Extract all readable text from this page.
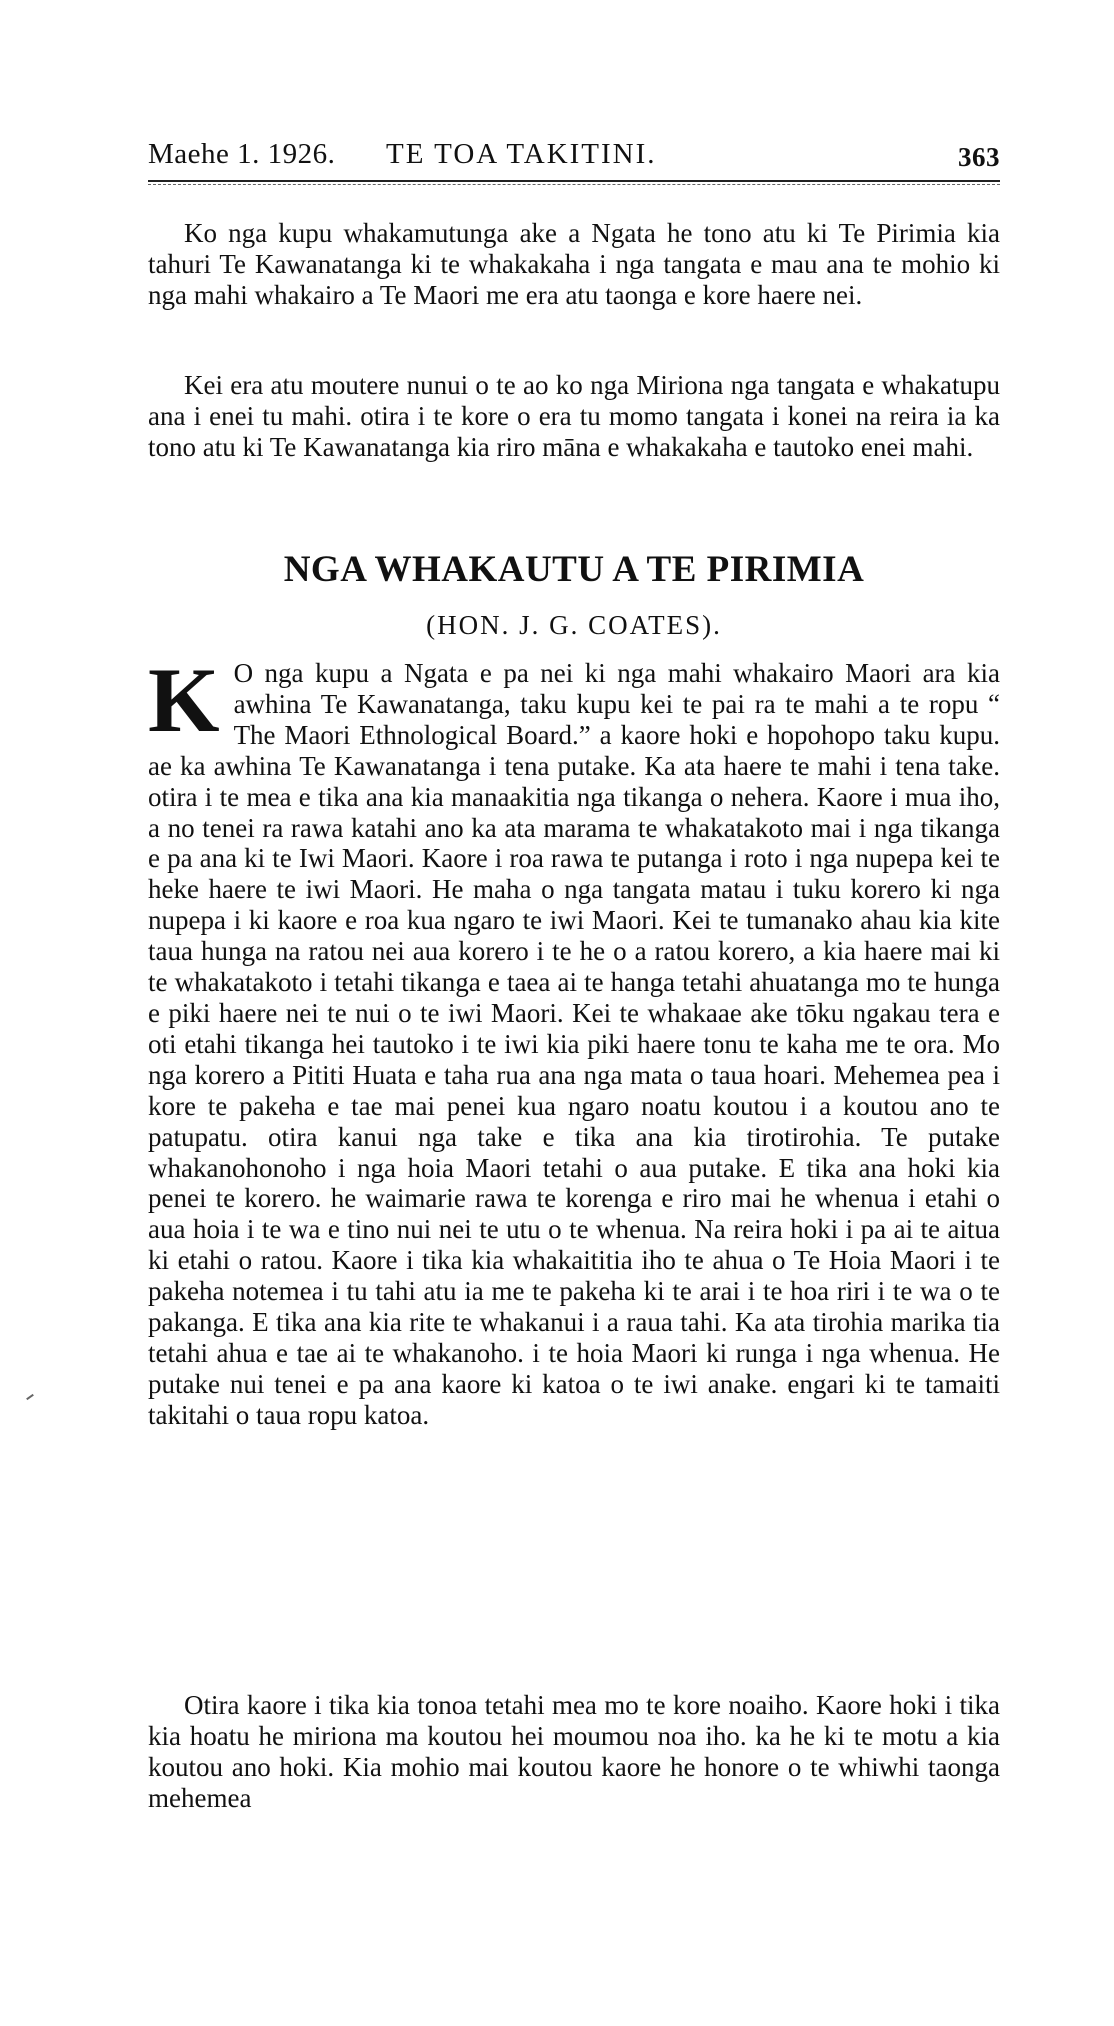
Maehe 1. 1926. TE TOA TAKITINI.	363

Ko nga kupu whakamutunga ake a Ngata he tono atu ki Te Pirimia kia tahuri Te Kawanatanga ki te whakakaha i nga tangata e mau ana te mohio ki nga mahi whakairo a Te Maori me era atu taonga e kore haere nei.

Kei era atu moutere nunui o te ao ko nga Miriona nga tangata e whakatupu ana i enei tu mahi. otira i te kore o era tu momo tangata i konei na reira ia ka tono atu ki Te Kawanatanga kia riro māna e whakakaha e tautoko enei mahi.

NGA WHAKAUTU A TE PIRIMIA
(HON. J. G. COATES).

K O nga kupu a Ngata e pa nei ki nga mahi whakairo Maori ara kia awhina Te Kawanatanga, taku kupu kei te pai ra te mahi a te ropu “ The Maori Ethnological Board.” a kaore hoki e hopohopo taku kupu. ae ka awhina Te Kawanatanga i tena putake. Ka ata haere te mahi i tena take. otira i te mea e tika ana kia manaakitia nga tikanga o nehera. Kaore i mua iho, a no tenei ra rawa katahi ano ka ata marama te whakatakoto mai i nga tikanga e pa ana ki te Iwi Maori. Kaore i roa rawa te putanga i roto i nga nupepa kei te heke haere te iwi Maori. He maha o nga tangata matau i tuku korero ki nga nupepa i ki kaore e roa kua ngaro te iwi Maori. Kei te tumanako ahau kia kite taua hunga na ratou nei aua korero i te he o a ratou korero, a kia haere mai ki te whakatakoto i tetahi tikanga e taea ai te hanga tetahi ahuatanga mo te hunga e piki haere nei te nui o te iwi Maori. Kei te whakaae ake tōku ngakau tera e oti etahi tikanga hei tautoko i te iwi kia piki haere tonu te kaha me te ora. Mo nga korero a Pititi Huata e taha rua ana nga mata o taua hoari. Mehemea pea i kore te pakeha e tae mai penei kua ngaro noatu koutou i a koutou ano te patupatu. otira kanui nga take e tika ana kia tirotirohia. Te putake whakanohonoho i nga hoia Maori tetahi o aua putake. E tika ana hoki kia penei te korero. he waimarie rawa te korenga e riro mai he whenua i etahi o aua hoia i te wa e tino nui nei te utu o te whenua. Na reira hoki i pa ai te aitua ki etahi o ratou. Kaore i tika kia whakaititia iho te ahua o Te Hoia Maori i te pakeha notemea i tu tahi atu ia me te pakeha ki te arai i te hoa riri i te wa o te pakanga. E tika ana kia rite te whakanui i a raua tahi. Ka ata tirohia marika tia tetahi ahua e tae ai te whakanoho. i te hoia Maori ki runga i nga whenua. He putake nui tenei e pa ana kaore ki katoa o te iwi anake. engari ki te tamaiti takitahi o taua ropu katoa.

Otira kaore i tika kia tonoa tetahi mea mo te kore noaiho. Kaore hoki i tika kia hoatu he miriona ma koutou hei moumou noa iho. ka he ki te motu a kia koutou ano hoki. Kia mohio mai koutou kaore he honore o te whiwhi taonga mehemea
